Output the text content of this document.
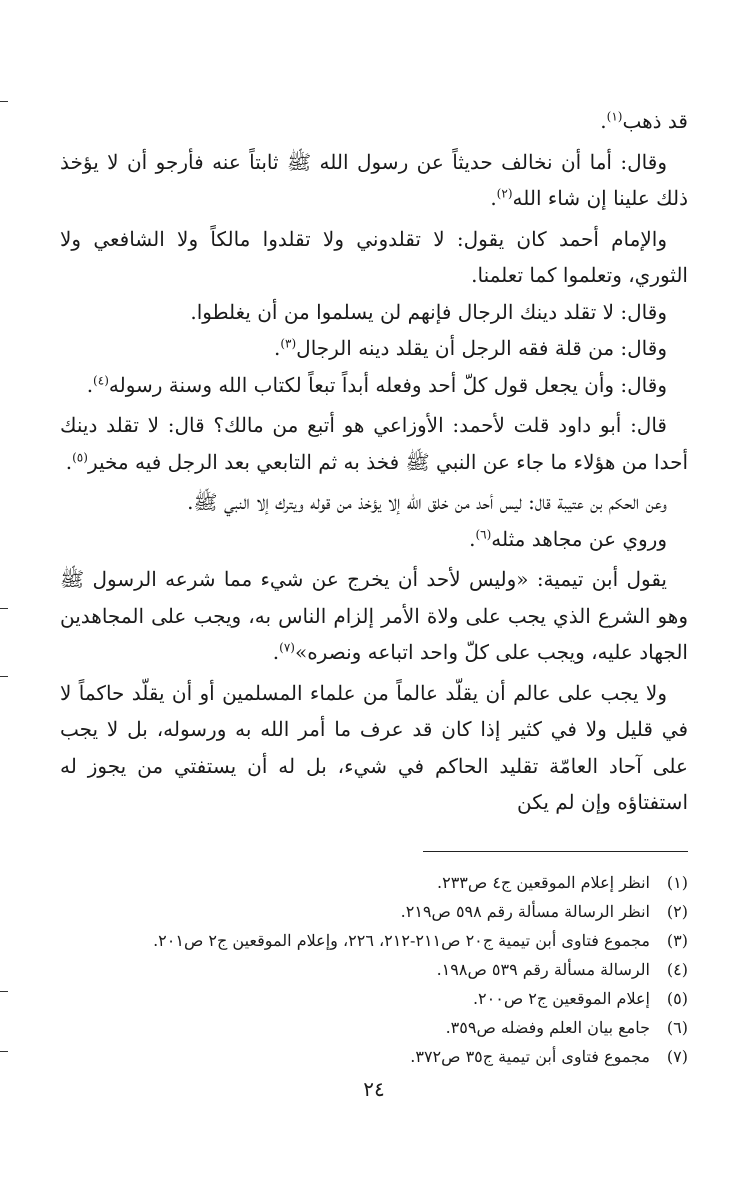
قد ذهب$^{(١)}$.

وقال: أما أن نخالف حديثاً عن رسول الله ﷺ ثابتاً عنه فأرجو أن لا يؤخذ ذلك علينا إن شاء الله$^{(٢)}$.

والإمام أحمد كان يقول: لا تقلدوني ولا تقلدوا مالكاً ولا الشافعي ولا الثوري، وتعلموا كما تعلمنا.

وقال: لا تقلد دينك الرجال فإنهم لن يسلموا من أن يغلطوا.

وقال: من قلة فقه الرجل أن يقلد دينه الرجال$^{(٣)}$.

وقال: وأن يجعل قول كلّ أحد وفعله أبداً تبعاً لكتاب الله وسنة رسوله$^{(٤)}$.

قال: أبو داود قلت لأحمد: الأوزاعي هو أتبع من مالك؟ قال: لا تقلد دينك أحدا من هؤلاء ما جاء عن النبي ﷺ فخذ به ثم التابعي بعد الرجل فيه مخير$^{(٥)}$.

وعن الحكم بن عتيبة قال: ليس أحد من خلق الله إلا يؤخذ من قوله ويترك إلا النبي ﷺ.

وروي عن مجاهد مثله$^{(٦)}$.

يقول أبن تيمية: «وليس لأحد أن يخرج عن شيء مما شرعه الرسول ﷺ وهو الشرع الذي يجب على ولاة الأمر إلزام الناس به، ويجب على المجاهدين الجهاد عليه، ويجب على كلّ واحد اتباعه ونصره»$^{(٧)}$.

ولا يجب على عالم أن يقلّد عالماً من علماء المسلمين أو أن يقلّد حاكماً لا في قليل ولا في كثير إذا كان قد عرف ما أمر الله به ورسوله، بل لا يجب على آحاد العامّة تقليد الحاكم في شيء، بل له أن يستفتي من يجوز له استفتاؤه وإن لم يكن

(١)
انظر إعلام الموقعين ج٤ ص٢٣٣.
(٢)
انظر الرسالة مسألة رقم ٥٩٨ ص٢١٩.
(٣)
مجموع فتاوى أبن تيمية ج٢٠ ص٢١١-٢١٢، ٢٢٦، وإعلام الموقعين ج٢ ص٢٠١.
(٤)
الرسالة مسألة رقم ٥٣٩ ص١٩٨.
(٥)
إعلام الموقعين ج٢ ص٢٠٠.
(٦)
جامع بيان العلم وفضله ص٣٥٩.
(٧)
مجموع فتاوى أبن تيمية ج٣٥ ص٣٧٢.
٢٤
